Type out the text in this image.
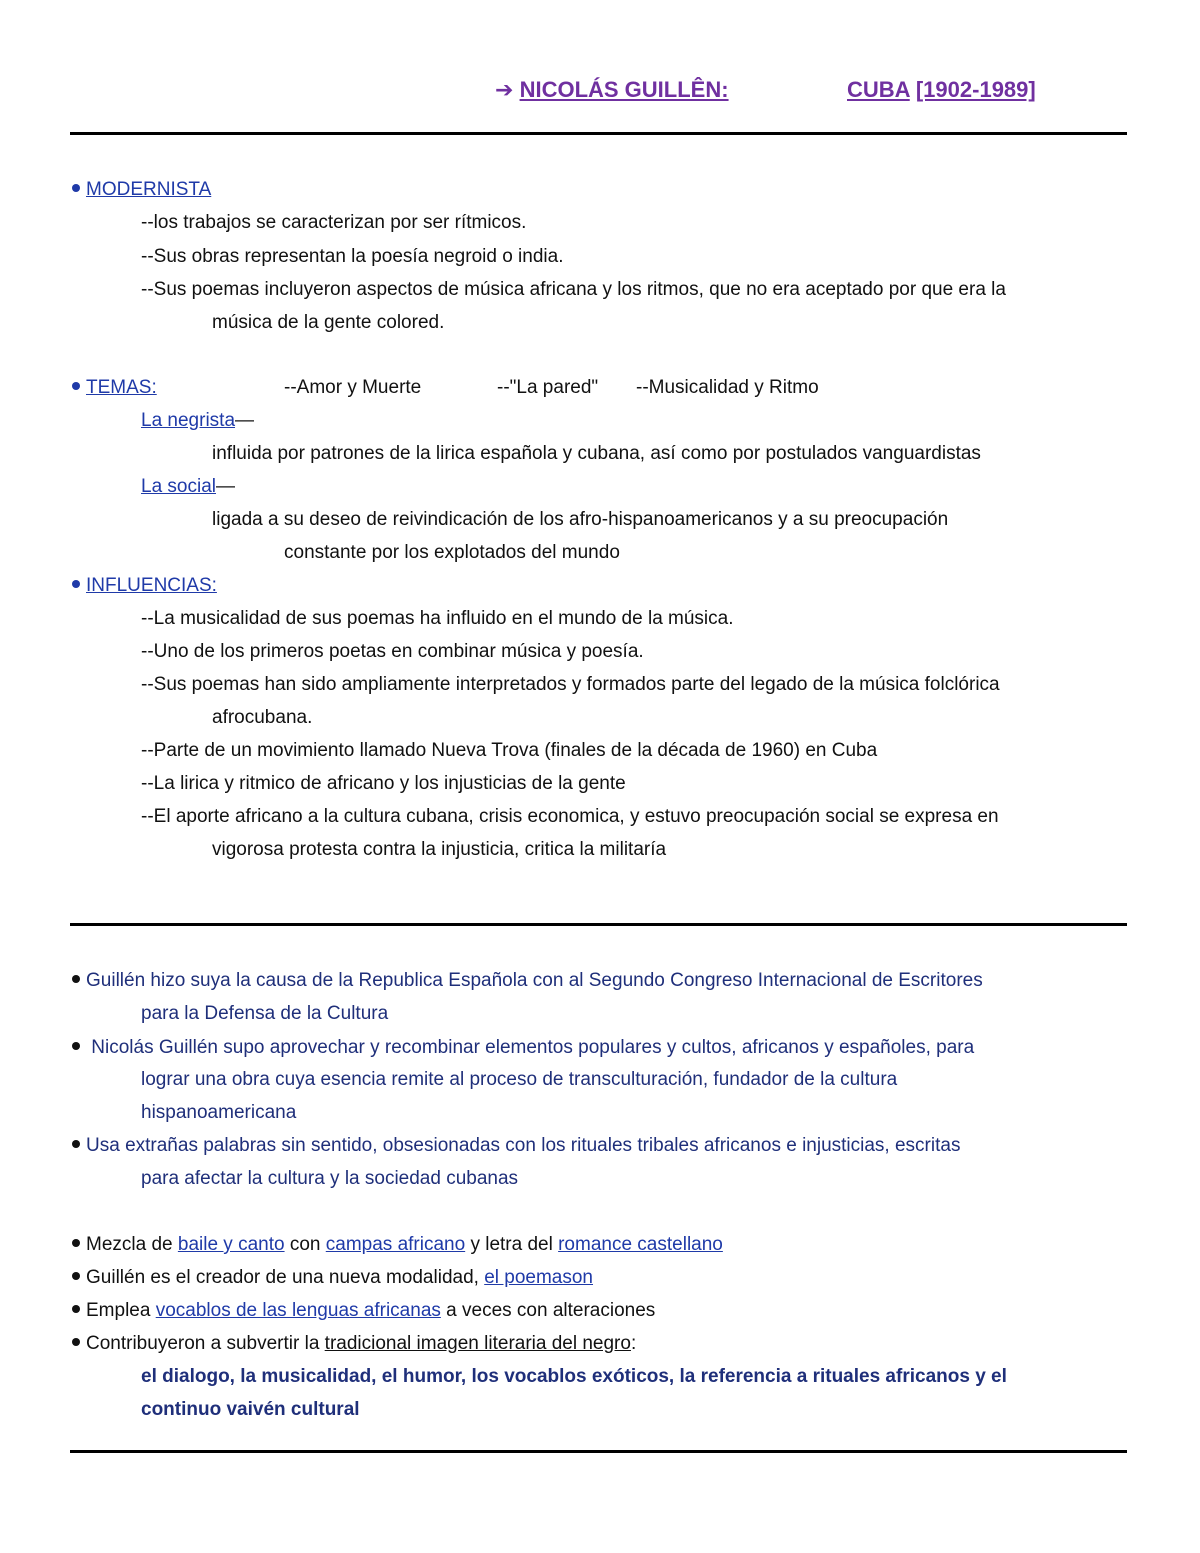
➔ NICOLÁS GUILLÊN:	CUBA [1902-1989]
MODERNISTA
--los trabajos se caracterizan por ser rítmicos.
--Sus obras representan la poesía negroid o india.
--Sus poemas incluyeron aspectos de música africana y los ritmos, que no era aceptado por que era la
música de la gente colored.
TEMAS:	--Amor y Muerte	--"La pared" --Musicalidad y Ritmo
La negrista—
influida por patrones de la lirica española y cubana, así como por postulados vanguardistas
La social—
ligada a su deseo de reivindicación de los afro-hispanoamericanos y a su preocupación
constante por los explotados del mundo
INFLUENCIAS:
--La musicalidad de sus poemas ha influido en el mundo de la música.
--Uno de los primeros poetas en combinar música y poesía.
--Sus poemas han sido ampliamente interpretados y formados parte del legado de la música folclórica
afrocubana.
--Parte de un movimiento llamado Nueva Trova (finales de la década de 1960) en Cuba
--La lirica y ritmico de africano y los injusticias de la gente
--El aporte africano a la cultura cubana, crisis economica, y estuvo preocupación social se expresa en
vigorosa protesta contra la injusticia, critica la militaría
Guillén hizo suya la causa de la Republica Española con al Segundo Congreso Internacional de Escritores
para la Defensa de la Cultura
Nicolás Guillén supo aprovechar y recombinar elementos populares y cultos, africanos y españoles, para
lograr una obra cuya esencia remite al proceso de transculturación, fundador de la cultura
hispanoamericana
Usa extrañas palabras sin sentido, obsesionadas con los rituales tribales africanos e injusticias, escritas
para afectar la cultura y la sociedad cubanas
Mezcla de baile y canto con campas africano y letra del romance castellano
Guillén es el creador de una nueva modalidad, el poemason
Emplea vocablos de las lenguas africanas a veces con alteraciones
Contribuyeron a subvertir la tradicional imagen literaria del negro:
el dialogo, la musicalidad, el humor, los vocablos exóticos, la referencia a rituales africanos y el
continuo vaivén cultural
